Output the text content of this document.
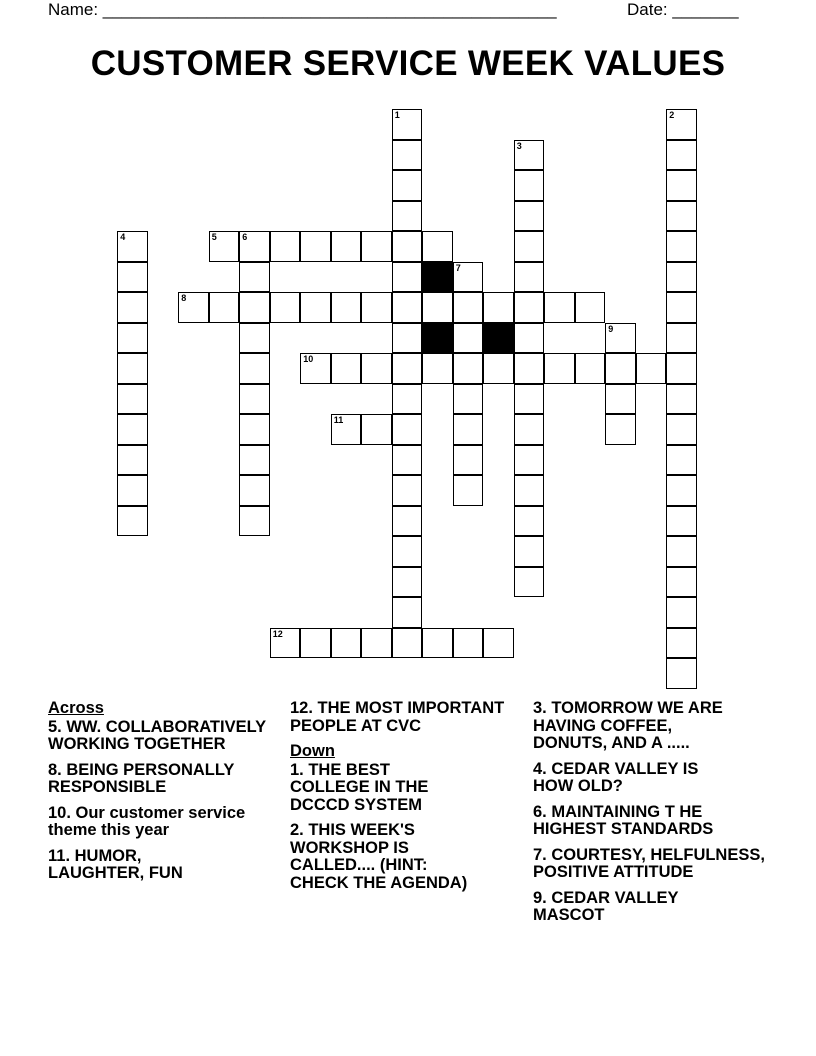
Name: ________________________________________________	Date: _______
CUSTOMER SERVICE WEEK VALUES
1	2
3
4	5	6
7
8
9
10
11
12
Across
5. WW. COLLABORATIVELY WORKING TOGETHER
8. BEING PERSONALLY RESPONSIBLE
10. Our customer service theme this year
11. HUMOR, LAUGHTER, FUN
12. THE MOST IMPORTANT PEOPLE AT CVC
Down
1. THE BEST COLLEGE IN THE DCCCD SYSTEM
2. THIS WEEK'S WORKSHOP IS CALLED.... (HINT: CHECK THE AGENDA)
3. TOMORROW WE ARE HAVING COFFEE, DONUTS, AND A .....
4. CEDAR VALLEY IS HOW OLD?
6. MAINTAINING T HE HIGHEST STANDARDS
7. COURTESY, HELFULNESS, POSITIVE ATTITUDE
9. CEDAR VALLEY MASCOT
